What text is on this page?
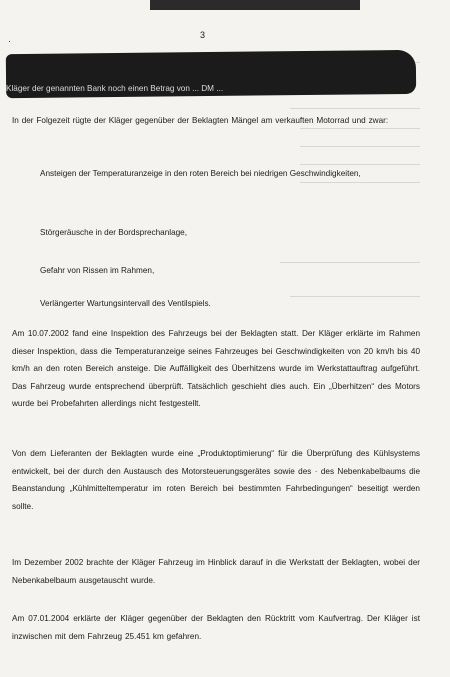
·
3
Kläger der genannten Bank noch einen Betrag von ... DM ...
In der Folgezeit rügte der Kläger gegenüber der Beklagten Mängel am verkauften Motorrad und zwar:
Ansteigen der Temperaturanzeige in den roten Bereich bei niedrigen Geschwindigkeiten,
Störgeräusche in der Bordsprechanlage,
Gefahr von Rissen im Rahmen,
Verlängerter Wartungsintervall des Ventilspiels.
Am 10.07.2002 fand eine Inspektion des Fahrzeugs bei der Beklagten statt. Der Kläger erklärte im Rahmen dieser Inspektion, dass die Temperaturanzeige seines Fahrzeuges bei Geschwindigkeiten von 20 km/h bis 40 km/h an den roten Bereich ansteige. Die Auffälligkeit des Überhitzens wurde im Werkstattauftrag aufgeführt. Das Fahrzeug wurde entsprechend überprüft. Tatsächlich geschieht dies auch. Ein „Überhitzen“ des Motors wurde bei Probefahrten allerdings nicht festgestellt.
Von dem Lieferanten der Beklagten wurde eine „Produktoptimierung“ für die Überprüfung des Kühlsystems entwickelt, bei der durch den Austausch des Motorsteuerungsgerätes sowie des · des Nebenkabelbaums die Beanstandung „Kühlmitteltemperatur im roten Bereich bei bestimmten Fahrbedingungen“ beseitigt werden sollte.
Im Dezember 2002 brachte der Kläger Fahrzeug im Hinblick darauf in die Werkstatt der Beklagten, wobei der Nebenkabelbaum ausgetauscht wurde.
Am 07.01.2004 erklärte der Kläger gegenüber der Beklagten den Rücktritt vom Kaufvertrag. Der Kläger ist inzwischen mit dem Fahrzeug 25.451 km gefahren.
